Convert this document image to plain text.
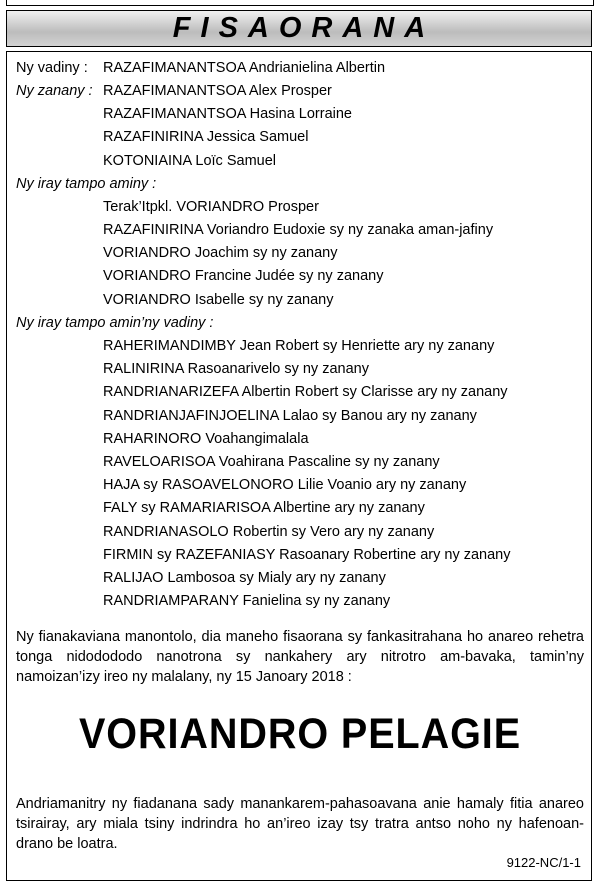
FISAORANA
Ny vadiny : RAZAFIMANANTSOA Andrianielina Albertin
Ny zanany : RAZAFIMANANTSOA Alex Prosper
RAZAFIMANANTSOA Hasina Lorraine
RAZAFINIRINA Jessica Samuel
KOTONIAINA Loïc Samuel
Ny iray tampo aminy :
Terak’Itpkl. VORIANDRO Prosper
RAZAFINIRINA Voriandro Eudoxie sy ny zanaka aman-jafiny
VORIANDRO Joachim sy ny zanany
VORIANDRO Francine Judée sy ny zanany
VORIANDRO Isabelle sy ny zanany
Ny iray tampo amin’ny vadiny :
RAHERIMANDIMBY Jean Robert sy Henriette ary ny zanany
RALINIRINA Rasoanarivelo sy ny zanany
RANDRIANARIZEFA Albertin Robert sy Clarisse ary ny zanany
RANDRIANJAFINJOELINA Lalao sy Banou ary ny zanany
RAHARINORO Voahangimalala
RAVELOARISOA Voahirana Pascaline sy ny zanany
HAJA sy RASOAVELONORO Lilie Voanio ary ny zanany
FALY sy RAMARIARISOA Albertine ary ny zanany
RANDRIANASOLO Robertin sy Vero ary ny zanany
FIRMIN sy RAZEFANIASY Rasoanary Robertine ary ny zanany
RALIJAO Lambosoa sy Mialy ary ny zanany
RANDRIAMPARANY Fanielina sy ny zanany
Ny fianakaviana manontolo, dia maneho fisaorana sy fankasitrahana ho anareo rehetra tonga nidodododo nanotrona sy nankahery ary nitrotro am-bavaka, tamin’ny namoizan’izy ireo ny malalany, ny 15 Janoary 2018 :
VORIANDRO PELAGIE
Andriamanitry ny fiadanana sady manankarem-pahasoavana anie hamaly fitia anareo tsirairay, ary miala tsiny indrindra ho an’ireo izay tsy tratra antso noho ny hafenoan-drano be loatra.
9122-NC/1-1
